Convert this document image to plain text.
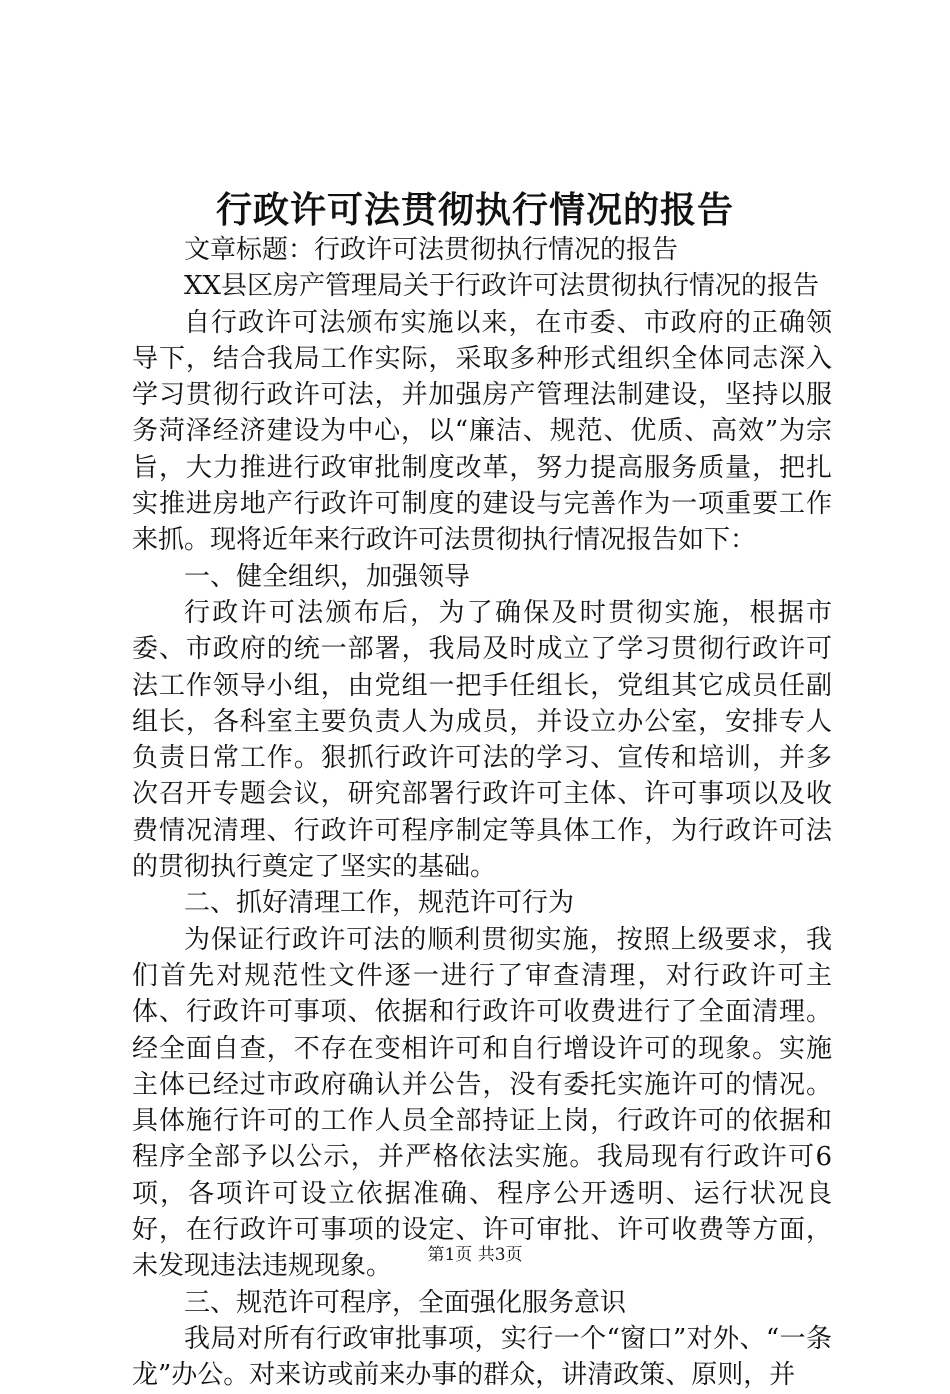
行政许可法贯彻执行情况的报告

文章标题：行政许可法贯彻执行情况的报告

XX县区房产管理局关于行政许可法贯彻执行情况的报告

自行政许可法颁布实施以来，在市委、市政府的正确领导下，结合我局工作实际，采取多种形式组织全体同志深入学习贯彻行政许可法，并加强房产管理法制建设，坚持以服务菏泽经济建设为中心，以“廉洁、规范、优质、高效”为宗旨，大力推进行政审批制度改革，努力提高服务质量，把扎实推进房地产行政许可制度的建设与完善作为一项重要工作来抓。现将近年来行政许可法贯彻执行情况报告如下：

一、健全组织，加强领导

行政许可法颁布后，为了确保及时贯彻实施，根据市委、市政府的统一部署，我局及时成立了学习贯彻行政许可法工作领导小组，由党组一把手任组长，党组其它成员任副组长，各科室主要负责人为成员，并设立办公室，安排专人负责日常工作。狠抓行政许可法的学习、宣传和培训，并多次召开专题会议，研究部署行政许可主体、许可事项以及收费情况清理、行政许可程序制定等具体工作，为行政许可法的贯彻执行奠定了坚实的基础。

二、抓好清理工作，规范许可行为

为保证行政许可法的顺利贯彻实施，按照上级要求，我们首先对规范性文件逐一进行了审查清理，对行政许可主体、行政许可事项、依据和行政许可收费进行了全面清理。经全面自查，不存在变相许可和自行增设许可的现象。实施主体已经过市政府确认并公告，没有委托实施许可的情况。具体施行许可的工作人员全部持证上岗，行政许可的依据和程序全部予以公示，并严格依法实施。我局现有行政许可6项，各项许可设立依据准确、程序公开透明、运行状况良好，在行政许可事项的设定、许可审批、许可收费等方面，未发现违法违规现象。

三、规范许可程序，全面强化服务意识

我局对所有行政审批事项，实行一个“窗口”对外、“一条龙”办公。对来访或前来办事的群众，讲清政策、原则，并

第1页 共3页
